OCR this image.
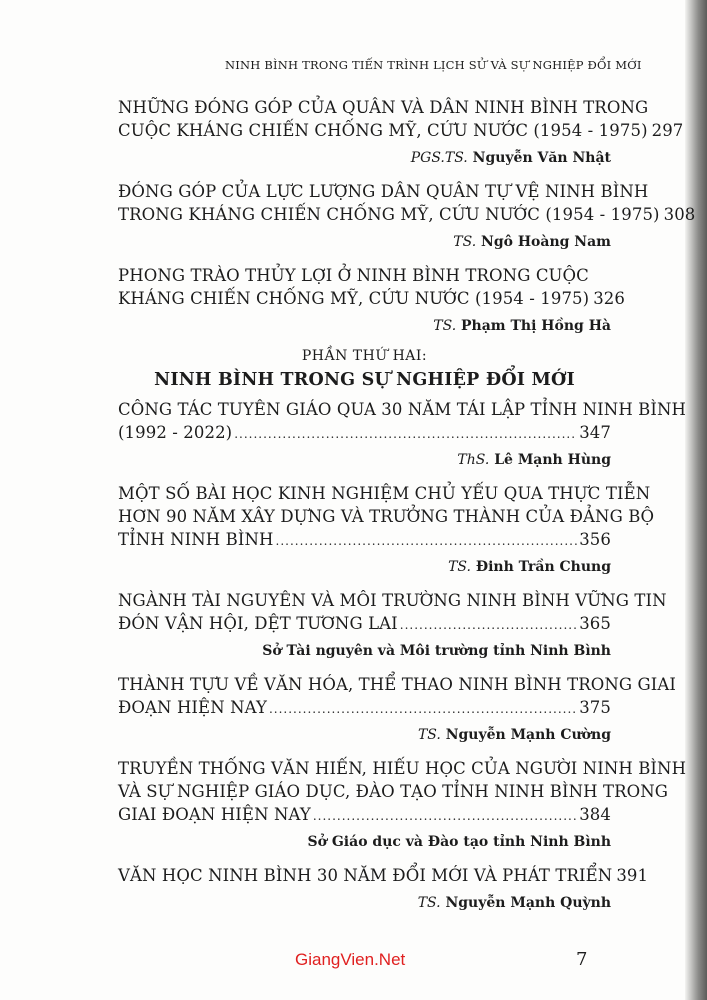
NINH BÌNH TRONG TIẾN TRÌNH LỊCH SỬ VÀ SỰ NGHIỆP ĐỔI MỚI
NHỮNG ĐÓNG GÓP CỦA QUÂN VÀ DÂN NINH BÌNH TRONG
CUỘC KHÁNG CHIẾN CHỐNG MỸ, CỨU NƯỚC (1954 - 1975) 297
PGS.TS. Nguyễn Văn Nhật
ĐÓNG GÓP CỦA LỰC LƯỢNG DÂN QUÂN TỰ VỆ NINH BÌNH
TRONG KHÁNG CHIẾN CHỐNG MỸ, CỨU NƯỚC (1954 - 1975) 308
TS. Ngô Hoàng Nam
PHONG TRÀO THỦY LỢI Ở NINH BÌNH TRONG CUỘC
KHÁNG CHIẾN CHỐNG MỸ, CỨU NƯỚC (1954 - 1975) 326
TS. Phạm Thị Hồng Hà
PHẦN THỨ HAI:
NINH BÌNH TRONG SỰ NGHIỆP ĐỔI MỚI
CÔNG TÁC TUYÊN GIÁO QUA 30 NĂM TÁI LẬP TỈNH NINH BÌNH
(1992 - 2022) .....	347
ThS. Lê Mạnh Hùng
MỘT SỐ BÀI HỌC KINH NGHIỆM CHỦ YẾU QUA THỰC TIỄN
HƠN 90 NĂM XÂY DỰNG VÀ TRƯỞNG THÀNH CỦA ĐẢNG BỘ
TỈNH NINH BÌNH .....	356
TS. Đinh Trần Chung
NGÀNH TÀI NGUYÊN VÀ MÔI TRƯỜNG NINH BÌNH VỮNG TIN
ĐÓN VẬN HỘI, DỆT TƯƠNG LAI .....	365
Sở Tài nguyên và Môi trường tỉnh Ninh Bình
THÀNH TỰU VỀ VĂN HÓA, THỂ THAO NINH BÌNH TRONG GIAI
ĐOẠN HIỆN NAY .....	375
TS. Nguyễn Mạnh Cường
TRUYỀN THỐNG VĂN HIẾN, HIẾU HỌC CỦA NGƯỜI NINH BÌNH
VÀ SỰ NGHIỆP GIÁO DỤC, ĐÀO TẠO TỈNH NINH BÌNH TRONG
GIAI ĐOẠN HIỆN NAY .....	384
Sở Giáo dục và Đào tạo tỉnh Ninh Bình
VĂN HỌC NINH BÌNH 30 NĂM ĐỔI MỚI VÀ PHÁT TRIỂN 391
TS. Nguyễn Mạnh Quỳnh
GiangVien.Net	7
